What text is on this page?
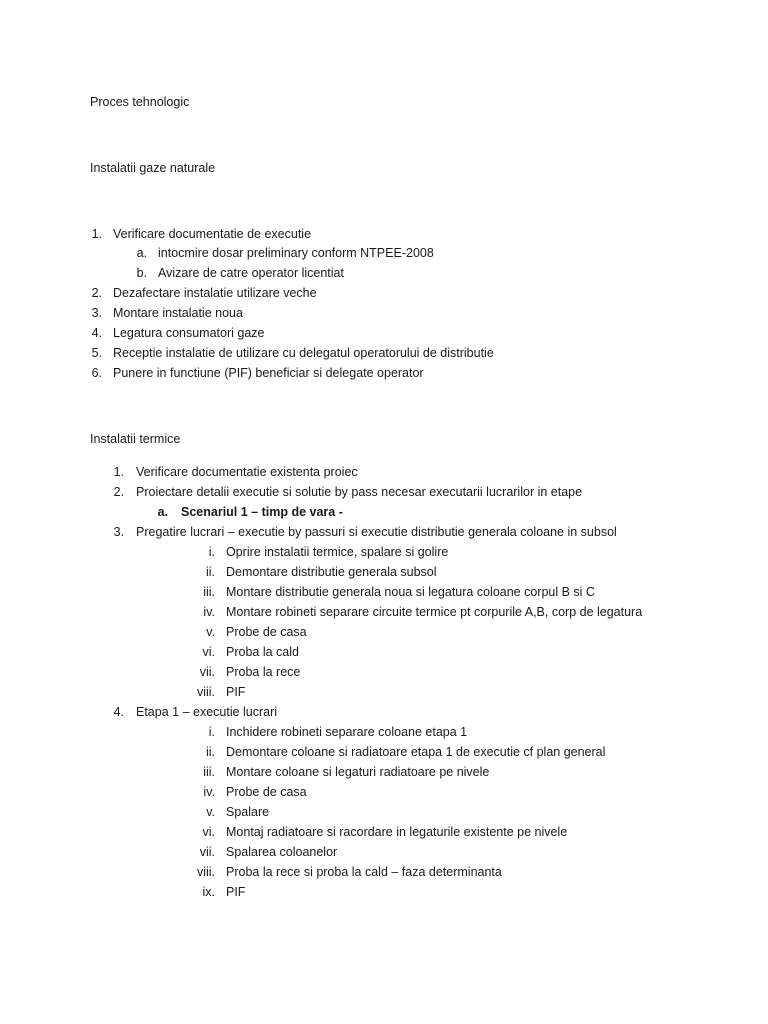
Proces tehnologic
Instalatii gaze naturale
1. Verificare documentatie de executie
a. intocmire dosar preliminary conform NTPEE-2008
b. Avizare de catre operator licentiat
2. Dezafectare instalatie utilizare veche
3. Montare instalatie noua
4. Legatura consumatori gaze
5. Receptie instalatie de utilizare cu delegatul operatorului de distributie
6. Punere in functiune (PIF) beneficiar si delegate operator
Instalatii termice
1. Verificare documentatie existenta proiec
2. Proiectare detalii executie si solutie by pass necesar executarii lucrarilor in etape
a. Scenariul 1 – timp de vara -
3. Pregatire lucrari – executie by passuri si executie distributie generala coloane in subsol
i. Oprire instalatii termice, spalare si golire
ii. Demontare distributie generala subsol
iii. Montare distributie generala noua si legatura coloane corpul B si C
iv. Montare robineti separare circuite termice pt corpurile A,B, corp de legatura
v. Probe de casa
vi. Proba la cald
vii. Proba la rece
viii. PIF
4. Etapa 1 – executie lucrari
i. Inchidere robineti separare coloane etapa 1
ii. Demontare coloane si radiatoare etapa 1 de executie cf plan general
iii. Montare coloane si legaturi radiatoare pe nivele
iv. Probe de casa
v. Spalare
vi. Montaj radiatoare si racordare in legaturile existente pe nivele
vii. Spalarea coloanelor
viii. Proba la rece si proba la cald – faza determinanta
ix. PIF
